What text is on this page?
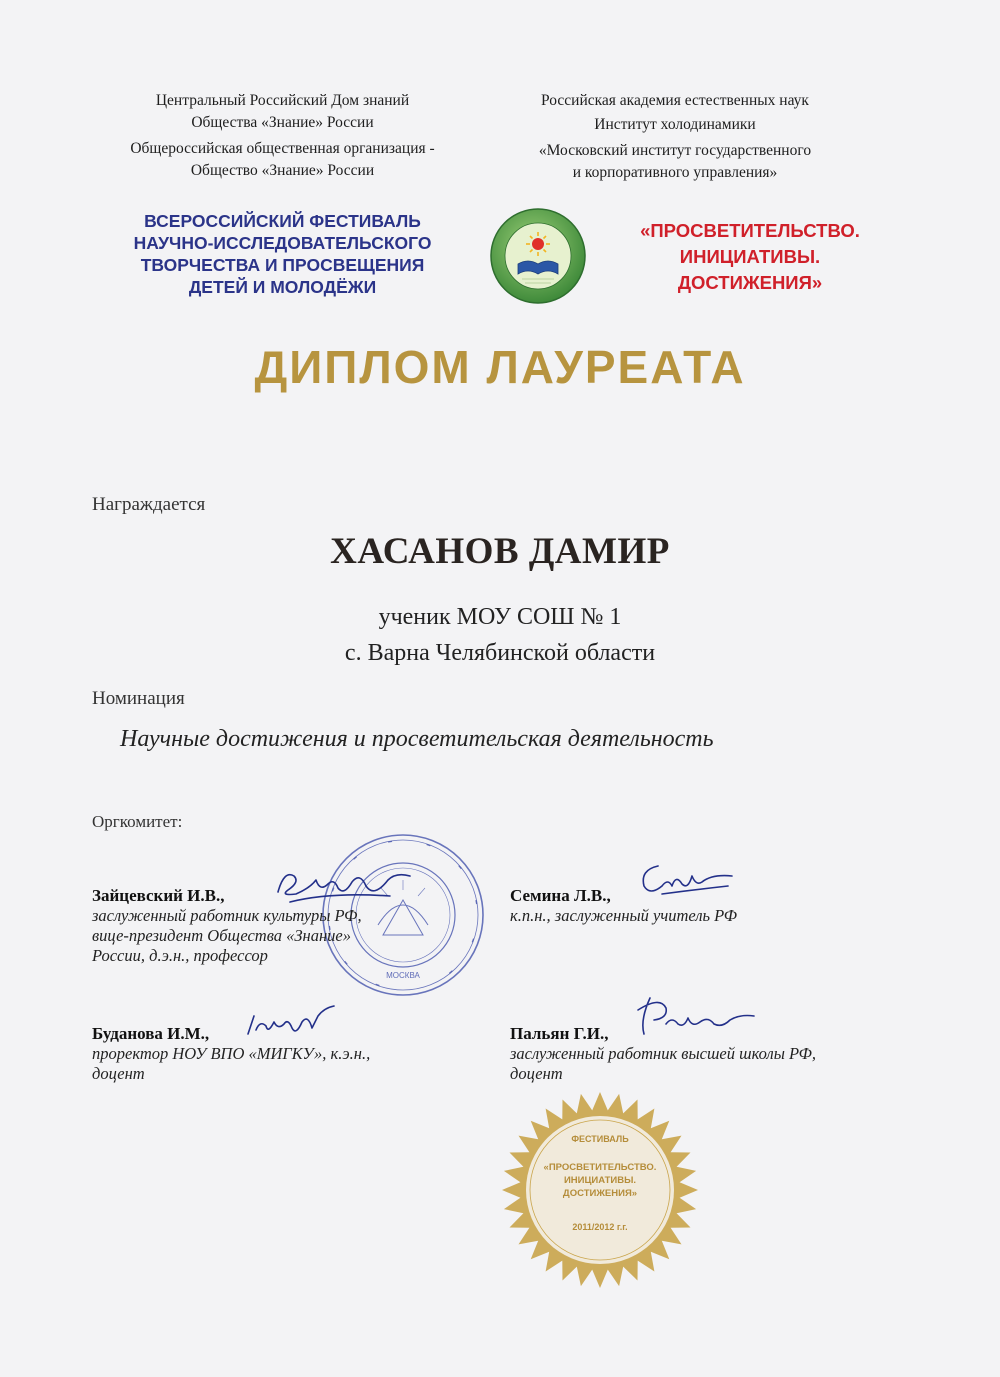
Центральный Российский Дом знаний
Общества «Знание» России
Общероссийская общественная организация -
Общество «Знание» России
Российская академия естественных наук
Институт холодинамики
«Московский институт государственного
и корпоративного управления»
ВСЕРОССИЙСКИЙ ФЕСТИВАЛЬ
НАУЧНО-ИССЛЕДОВАТЕЛЬСКОГО
ТВОРЧЕСТВА И ПРОСВЕЩЕНИЯ
ДЕТЕЙ И МОЛОДЁЖИ
«ПРОСВЕТИТЕЛЬСТВО.
ИНИЦИАТИВЫ.
ДОСТИЖЕНИЯ»
ДИПЛОМ ЛАУРЕАТА
Награждается
ХАСАНОВ ДАМИР
ученик МОУ СОШ № 1
с. Варна Челябинской области
Номинация
Научные достижения и просветительская деятельность
Оргкомитет:
МОСКВА
Зайцевский И.В.,
заслуженный работник культуры РФ,
вице-президент Общества «Знание»
России, д.э.н., профессор
Семина Л.В.,
к.п.н., заслуженный учитель РФ
Буданова И.М.,
проректор НОУ ВПО «МИГКУ», к.э.н.,
доцент
Пальян Г.И.,
заслуженный работник высшей школы РФ,
доцент
ФЕСТИВАЛЬ
«ПРОСВЕТИТЕЛЬСТВО.
ИНИЦИАТИВЫ.
ДОСТИЖЕНИЯ»
2011/2012 г.г.
